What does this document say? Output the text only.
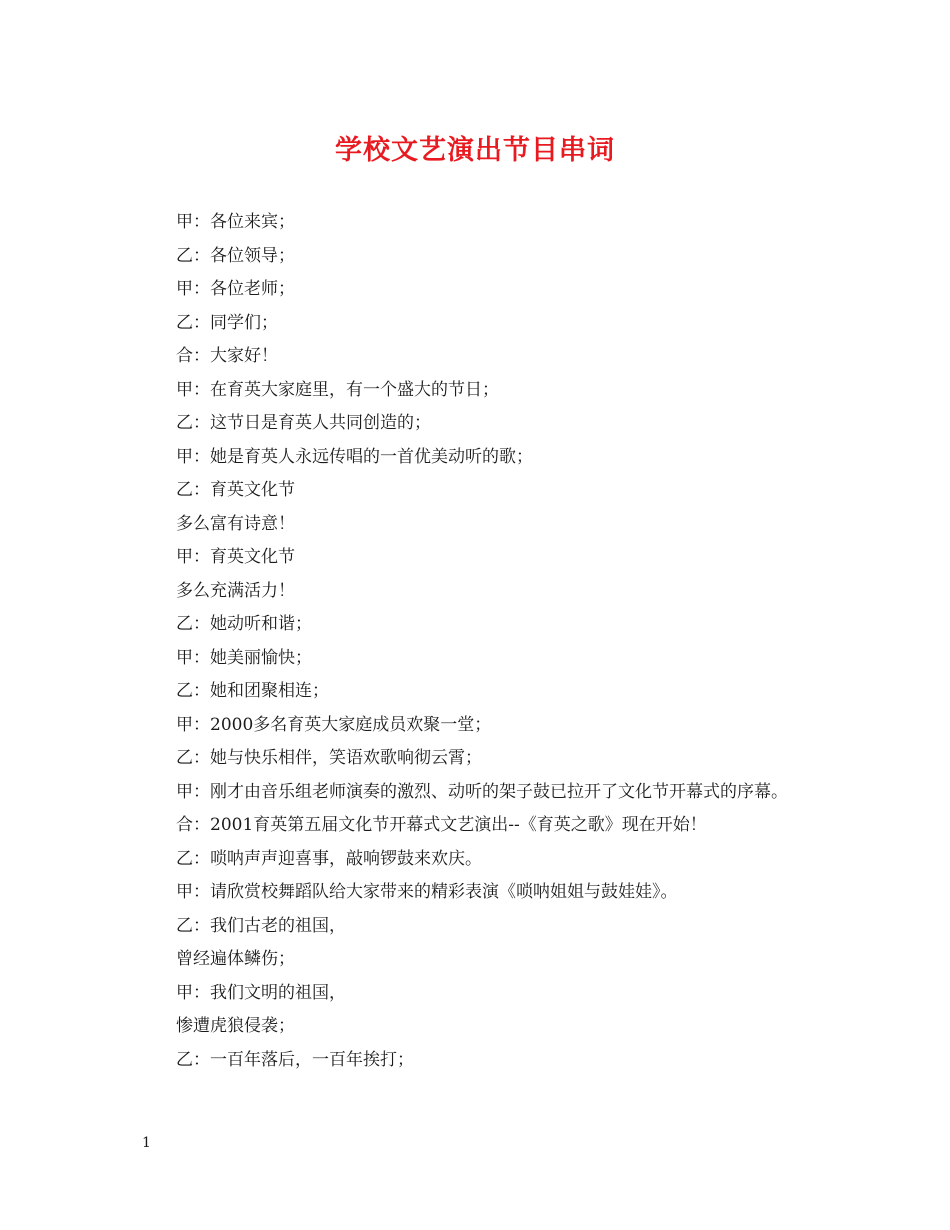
学校文艺演出节目串词

甲：各位来宾；

乙：各位领导；

甲：各位老师；

乙：同学们；

合：大家好！

甲：在育英大家庭里，有一个盛大的节日；

乙：这节日是育英人共同创造的；

甲：她是育英人永远传唱的一首优美动听的歌；

乙：育英文化节

多么富有诗意！

甲：育英文化节

多么充满活力！

乙：她动听和谐；

甲：她美丽愉快；

乙：她和团聚相连；

甲：2000多名育英大家庭成员欢聚一堂；

乙：她与快乐相伴，笑语欢歌响彻云霄；

甲：刚才由音乐组老师演奏的激烈、动听的架子鼓已拉开了文化节开幕式的序幕。

合：2001育英第五届文化节开幕式文艺演出--《育英之歌》现在开始！

乙：唢呐声声迎喜事，敲响锣鼓来欢庆。

甲：请欣赏校舞蹈队给大家带来的精彩表演《唢呐姐姐与鼓娃娃》。

乙：我们古老的祖国，

曾经遍体鳞伤；

甲：我们文明的祖国，

惨遭虎狼侵袭；

乙：一百年落后，一百年挨打；

1
